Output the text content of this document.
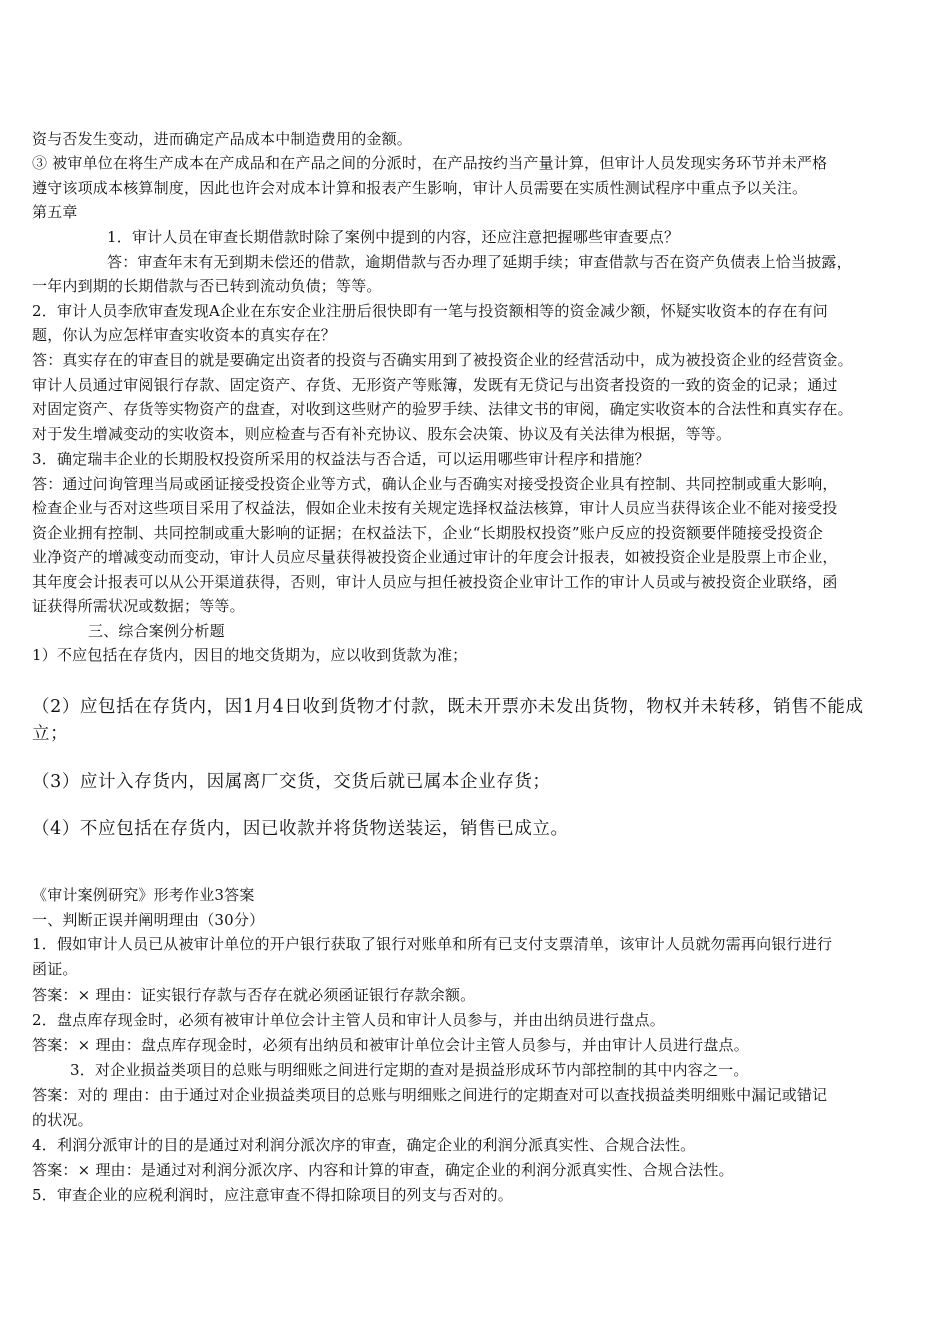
资与否发生变动，进而确定产品成本中制造费用的金额。
③ 被审单位在将生产成本在产成品和在产品之间的分派时，在产品按约当产量计算，但审计人员发现实务环节并未严格
遵守该项成本核算制度，因此也许会对成本计算和报表产生影响，审计人员需要在实质性测试程序中重点予以关注。
第五章
1．审计人员在审查长期借款时除了案例中提到的内容，还应注意把握哪些审查要点？
答：审查年末有无到期未偿还的借款，逾期借款与否办理了延期手续；审查借款与否在资产负债表上恰当披露，
一年内到期的长期借款与否已转到流动负债；等等。
2．审计人员李欣审查发现A企业在东安企业注册后很快即有一笔与投资额相等的资金减少额，怀疑实收资本的存在有问
题，你认为应怎样审查实收资本的真实存在？
答：真实存在的审查目的就是要确定出资者的投资与否确实用到了被投资企业的经营活动中，成为被投资企业的经营资金。
审计人员通过审阅银行存款、固定资产、存货、无形资产等账簿，发既有无贷记与出资者投资的一致的资金的记录；通过
对固定资产、存货等实物资产的盘查，对收到这些财产的验罗手续、法律文书的审阅，确定实收资本的合法性和真实存在。
对于发生增减变动的实收资本，则应检查与否有补充协议、股东会决策、协议及有关法律为根据，等等。
3．确定瑞丰企业的长期股权投资所采用的权益法与否合适，可以运用哪些审计程序和措施？
答：通过问询管理当局或函证接受投资企业等方式，确认企业与否确实对接受投资企业具有控制、共同控制或重大影响，
检查企业与否对这些项目采用了权益法，假如企业未按有关规定选择权益法核算，审计人员应当获得该企业不能对接受投
资企业拥有控制、共同控制或重大影响的证据；在权益法下，企业“长期股权投资”账户反应的投资额要伴随接受投资企
业净资产的增减变动而变动，审计人员应尽量获得被投资企业通过审计的年度会计报表，如被投资企业是股票上市企业，
其年度会计报表可以从公开渠道获得，否则，审计人员应与担任被投资企业审计工作的审计人员或与被投资企业联络，函
证获得所需状况或数据；等等。
三、综合案例分析题
1）不应包括在存货内，因目的地交货期为，应以收到货款为准；
（2）应包括在存货内，因1月4日收到货物才付款，既未开票亦未发出货物，物权并未转移，销售不能成
立；
（3）应计入存货内，因属离厂交货，交货后就已属本企业存货；
（4）不应包括在存货内，因已收款并将货物送装运，销售已成立。
《审计案例研究》形考作业3答案
一、判断正误并阐明理由（30分）
1．假如审计人员已从被审计单位的开户银行获取了银行对账单和所有已支付支票清单，该审计人员就勿需再向银行进行
函证。
答案：× 理由：证实银行存款与否存在就必须函证银行存款余额。
2．盘点库存现金时，必须有被审计单位会计主管人员和审计人员参与，并由出纳员进行盘点。
答案：× 理由：盘点库存现金时，必须有出纳员和被审计单位会计主管人员参与，并由审计人员进行盘点。
3．对企业损益类项目的总账与明细账之间进行定期的查对是损益形成环节内部控制的其中内容之一。
答案：对的 理由：由于通过对企业损益类项目的总账与明细账之间进行的定期查对可以查找损益类明细账中漏记或错记
的状况。
4．利润分派审计的目的是通过对利润分派次序的审查，确定企业的利润分派真实性、合规合法性。
答案：× 理由：是通过对利润分派次序、内容和计算的审查，确定企业的利润分派真实性、合规合法性。
5．审查企业的应税利润时，应注意审查不得扣除项目的列支与否对的。
